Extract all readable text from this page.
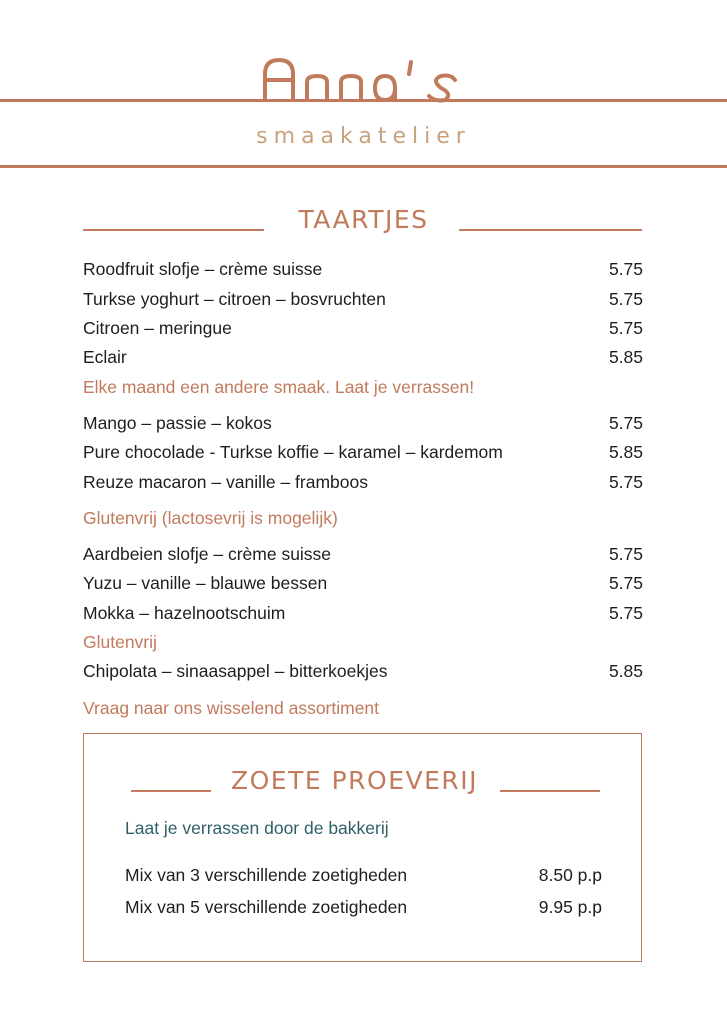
smaakatelier
TAARTJES
Roodfruit slofje – crème suisse	5.75
Turkse yoghurt – citroen – bosvruchten	5.75
Citroen – meringue	5.75
Eclair	5.85
Elke maand een andere smaak. Laat je verrassen!
Mango – passie – kokos	5.75
Pure chocolade - Turkse koffie – karamel – kardemom	5.85
Reuze macaron – vanille – framboos	5.75
Glutenvrij (lactosevrij is mogelijk)
Aardbeien slofje – crème suisse	5.75
Yuzu – vanille – blauwe bessen	5.75
Mokka – hazelnootschuim	5.75
Glutenvrij
Chipolata – sinaasappel – bitterkoekjes	5.85
Vraag naar ons wisselend assortiment
ZOETE PROEVERIJ
Laat je verrassen door de bakkerij
Mix van 3 verschillende zoetigheden	8.50 p.p
Mix van 5 verschillende zoetigheden	9.95 p.p
